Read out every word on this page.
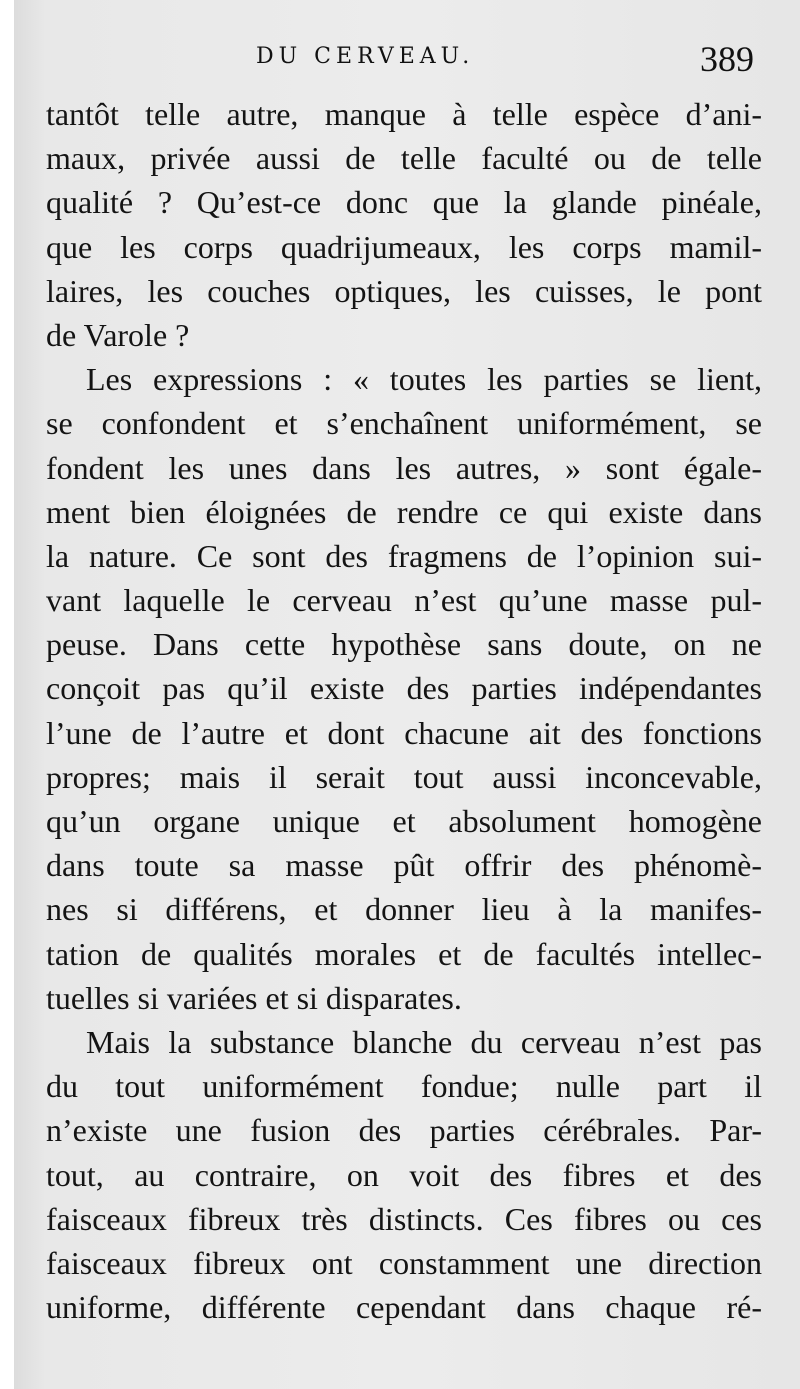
DU CERVEAU.	389
tantôt telle autre, manque à telle espèce d’ani-
maux, privée aussi de telle faculté ou de telle
qualité ? Qu’est-ce donc que la glande pinéale,
que les corps quadrijumeaux, les corps mamil-
laires, les couches optiques, les cuisses, le pont
de Varole ?
Les expressions : « toutes les parties se lient,
se confondent et s’enchaînent uniformément, se
fondent les unes dans les autres, » sont égale-
ment bien éloignées de rendre ce qui existe dans
la nature. Ce sont des fragmens de l’opinion sui-
vant laquelle le cerveau n’est qu’une masse pul-
peuse. Dans cette hypothèse sans doute, on ne
conçoit pas qu’il existe des parties indépendantes
l’une de l’autre et dont chacune ait des fonctions
propres; mais il serait tout aussi inconcevable,
qu’un organe unique et absolument homogène
dans toute sa masse pût offrir des phénomè-
nes si différens, et donner lieu à la manifes-
tation de qualités morales et de facultés intellec-
tuelles si variées et si disparates.
Mais la substance blanche du cerveau n’est pas
du tout uniformément fondue; nulle part il
n’existe une fusion des parties cérébrales. Par-
tout, au contraire, on voit des fibres et des
faisceaux fibreux très distincts. Ces fibres ou ces
faisceaux fibreux ont constamment une direction
uniforme, différente cependant dans chaque ré-
